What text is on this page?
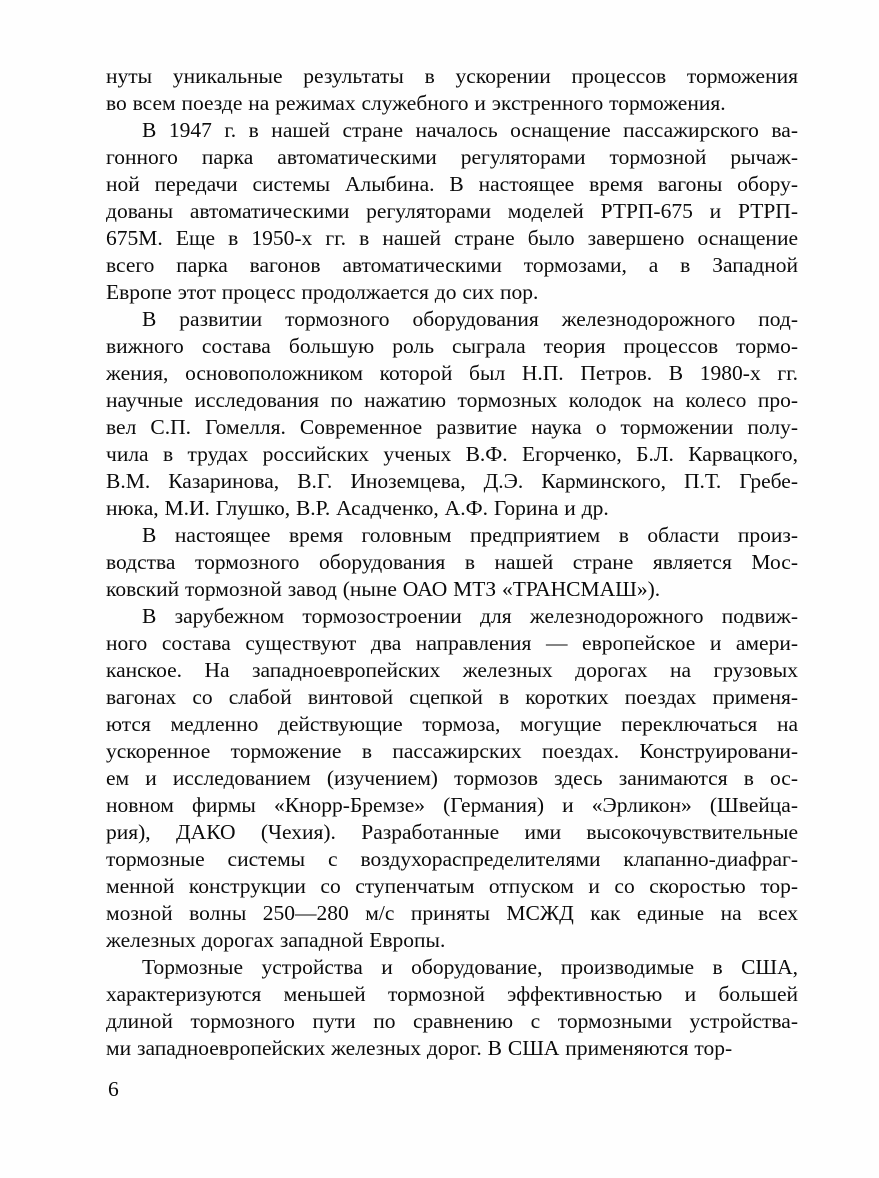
нуты уникальные результаты в ускорении процессов торможения
во всем поезде на режимах служебного и экстренного торможения.
В 1947 г. в нашей стране началось оснащение пассажирского ва-
гонного парка автоматическими регуляторами тормозной рычаж-
ной передачи системы Алыбина. В настоящее время вагоны обору-
дованы автоматическими регуляторами моделей РТРП-675 и РТРП-
675М. Еще в 1950-х гг. в нашей стране было завершено оснащение
всего парка вагонов автоматическими тормозами, а в Западной
Европе этот процесс продолжается до сих пор.
В развитии тормозного оборудования железнодорожного под-
вижного состава большую роль сыграла теория процессов тормо-
жения, основоположником которой был Н.П. Петров. В 1980-х гг.
научные исследования по нажатию тормозных колодок на колесо про-
вел С.П. Гомелля. Современное развитие наука о торможении полу-
чила в трудах российских ученых В.Ф. Егорченко, Б.Л. Карвацкого,
В.М. Казаринова, В.Г. Иноземцева, Д.Э. Карминского, П.Т. Гребе-
нюка, М.И. Глушко, В.Р. Асадченко, А.Ф. Горина и др.
В настоящее время головным предприятием в области произ-
водства тормозного оборудования в нашей стране является Мос-
ковский тормозной завод (ныне ОАО МТЗ «ТРАНСМАШ»).
В зарубежном тормозостроении для железнодорожного подвиж-
ного состава существуют два направления — европейское и амери-
канское. На западноевропейских железных дорогах на грузовых
вагонах со слабой винтовой сцепкой в коротких поездах применя-
ются медленно действующие тормоза, могущие переключаться на
ускоренное торможение в пассажирских поездах. Конструировани-
ем и исследованием (изучением) тормозов здесь занимаются в ос-
новном фирмы «Кнорр-Бремзе» (Германия) и «Эрликон» (Швейца-
рия), ДАКО (Чехия). Разработанные ими высокочувствительные
тормозные системы с воздухораспределителями клапанно-диафраг-
менной конструкции со ступенчатым отпуском и со скоростью тор-
мозной волны 250—280 м/с приняты МСЖД как единые на всех
железных дорогах западной Европы.
Тормозные устройства и оборудование, производимые в США,
характеризуются меньшей тормозной эффективностью и большей
длиной тормозного пути по сравнению с тормозными устройства-
ми западноевропейских железных дорог. В США применяются тор-
6
